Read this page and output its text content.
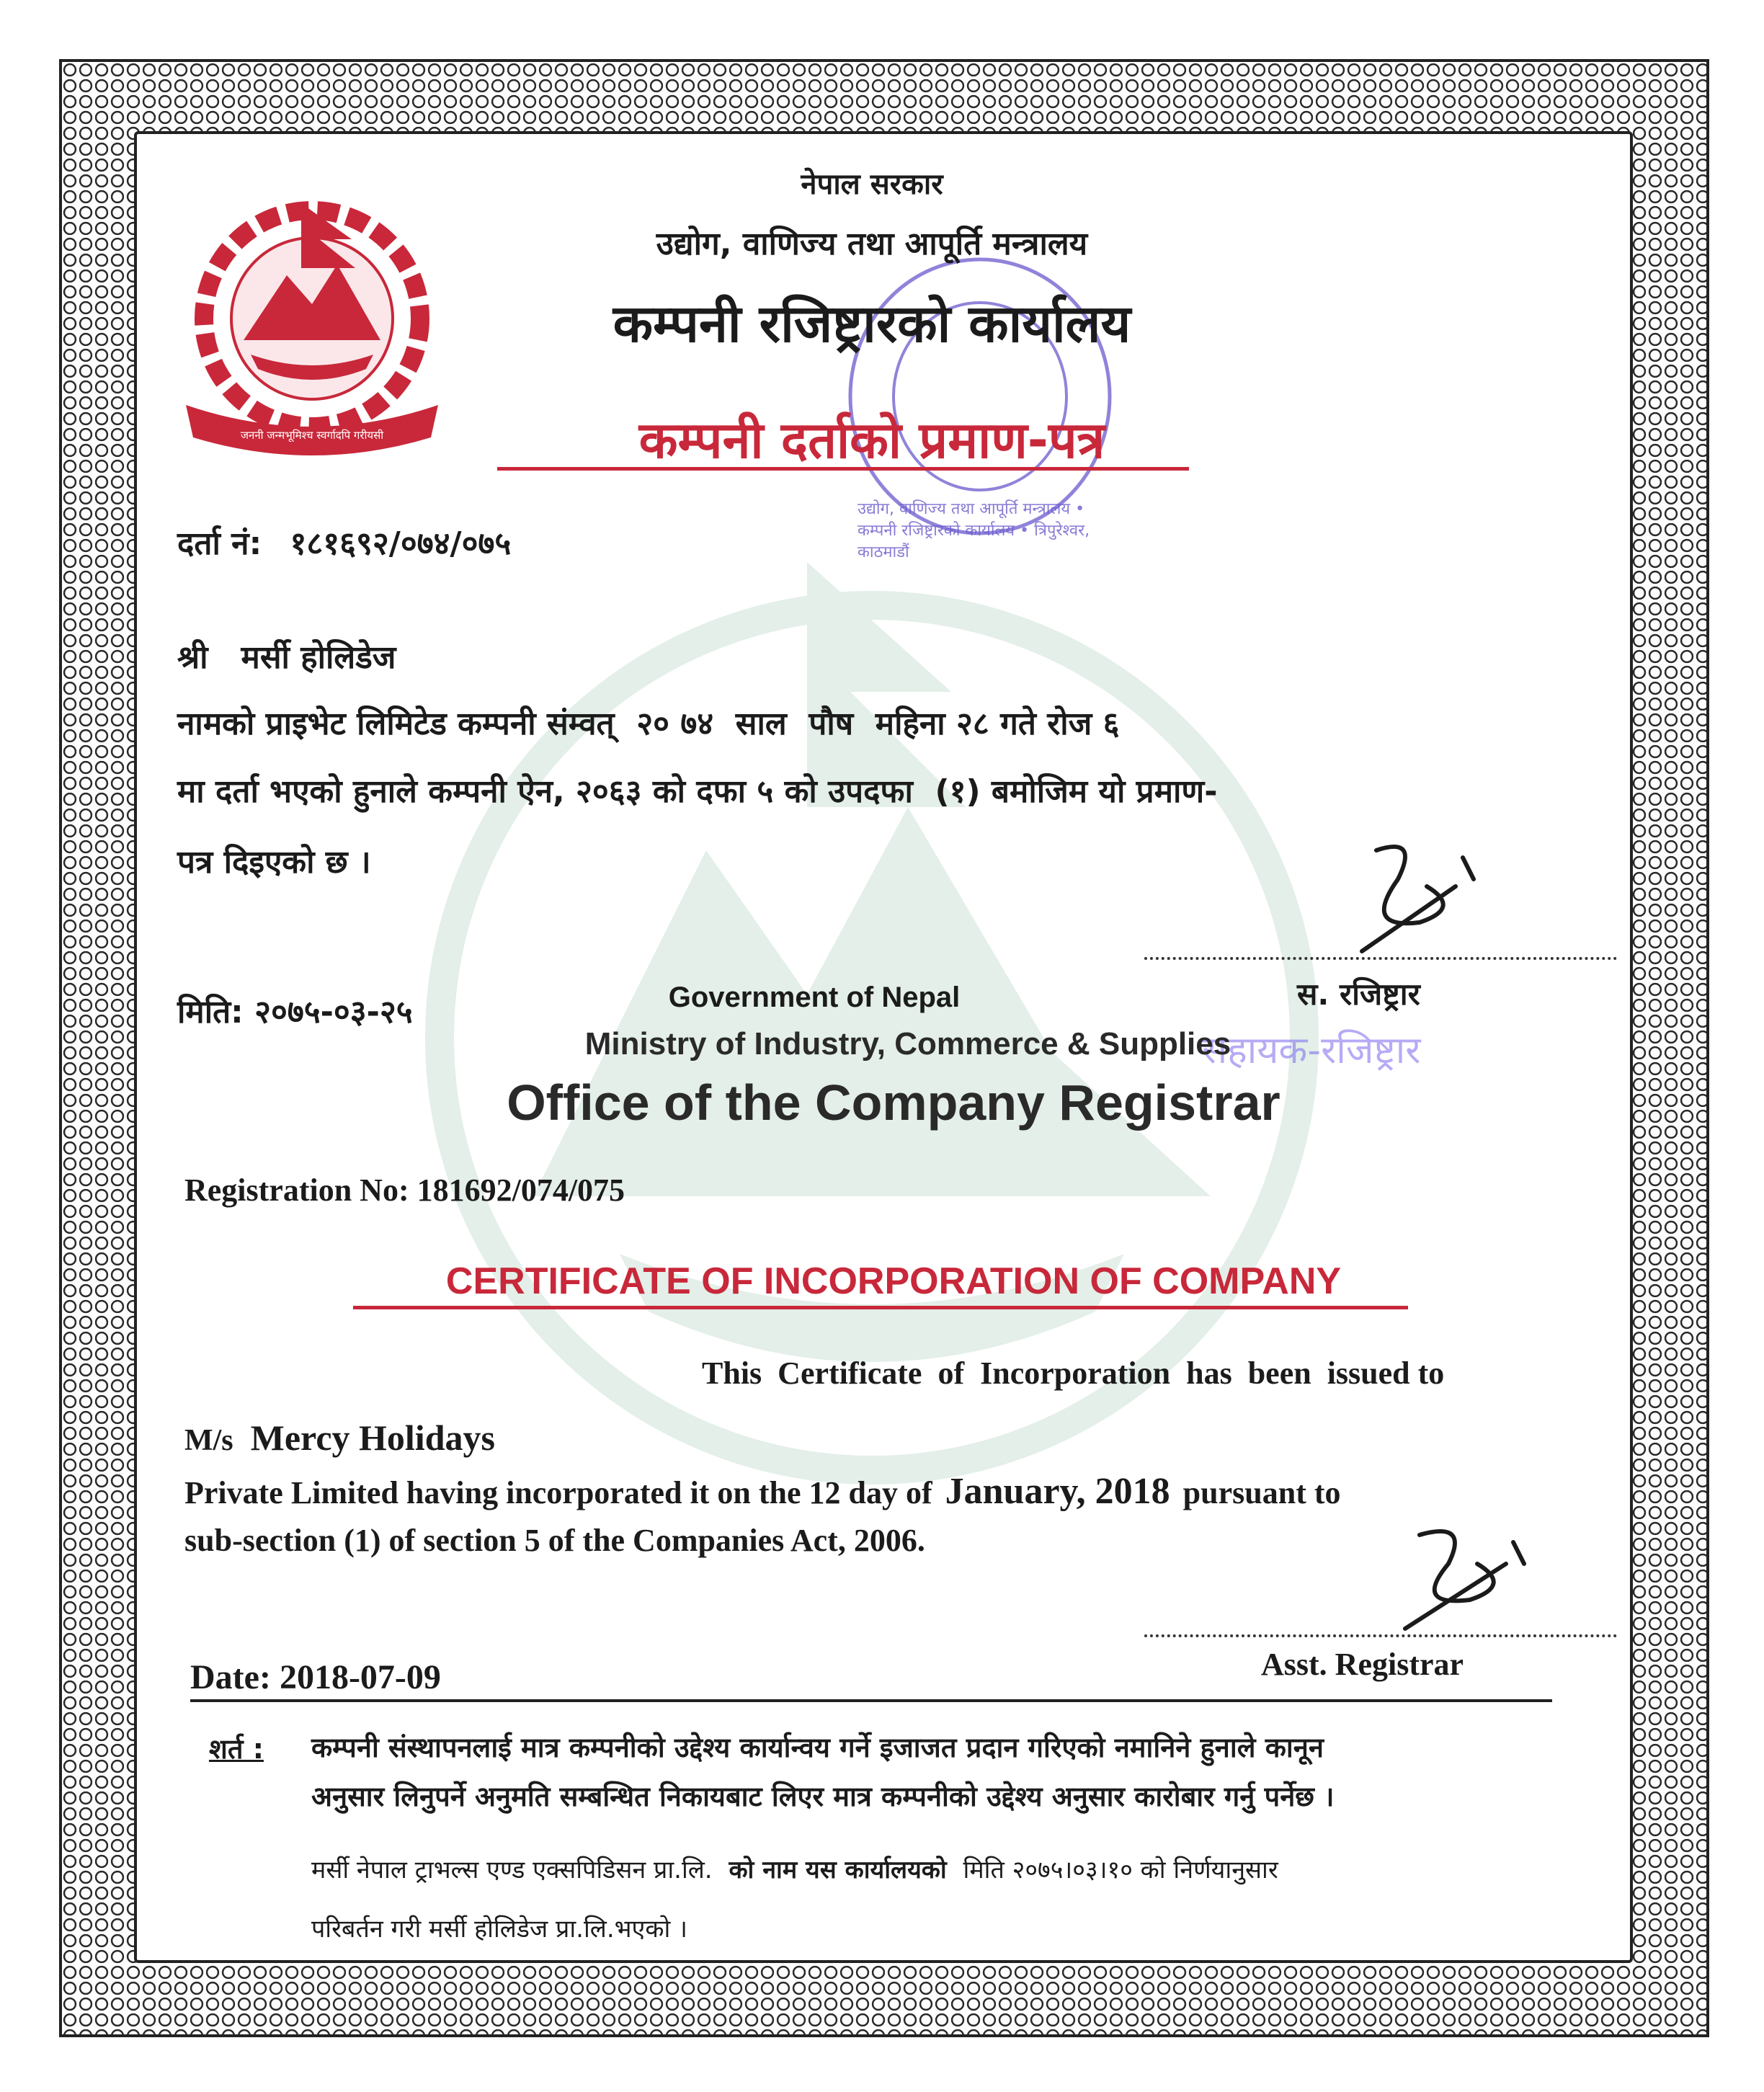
जननी जन्मभूमिश्च स्वर्गादपि गरीयसी
उद्योग, वाणिज्य तथा आपूर्ति मन्त्रालय • कम्पनी रजिष्ट्रारको कार्यालय • त्रिपुरेश्वर, काठमाडौं
नेपाल सरकार
उद्योग, वाणिज्य तथा आपूर्ति मन्त्रालय
कम्पनी रजिष्ट्रारको कार्यालय
कम्पनी दर्ताको प्रमाण-पत्र
दर्ता नं: १८१६९२/०७४/०७५
श्री   मर्सी होलिडेज
नामको प्राइभेट लिमिटेड कम्पनी संम्वत्  २० ७४  साल  पौष  महिना २८ गते रोज ६
मा दर्ता भएको हुनाले कम्पनी ऐन, २०६३ को दफा ५ को उपदफा  (१) बमोजिम यो प्रमाण-
पत्र दिइएको छ ।
मिति: २०७५-०३-२५	स. रजिष्ट्रार
सहायक-रजिष्ट्रार
Government of Nepal
Ministry of Industry, Commerce & Supplies
Office of the Company Registrar
Registration No: 181692/074/075
CERTIFICATE OF INCORPORATION OF COMPANY
This  Certificate  of  Incorporation  has  been  issued to
M/s Mercy Holidays
Private Limited having incorporated it on the 12 day of January, 2018 pursuant to
sub-section (1) of section 5 of the Companies Act, 2006.
Date: 2018-07-09	Asst. Registrar
शर्त : कम्पनी संस्थापनलाई मात्र कम्पनीको उद्देश्य कार्यान्वय गर्ने इजाजत प्रदान गरिएको नमानिने हुनाले कानून
अनुसार लिनुपर्ने अनुमति सम्बन्धित निकायबाट लिएर मात्र कम्पनीको उद्देश्य अनुसार कारोबार गर्नु पर्नेछ ।
मर्सी नेपाल ट्राभल्स एण्ड एक्सपिडिसन प्रा.लि. को नाम यस कार्यालयको मिति २०७५।०३।१० को निर्णयानुसार
परिबर्तन गरी मर्सी होलिडेज प्रा.लि.भएको ।
